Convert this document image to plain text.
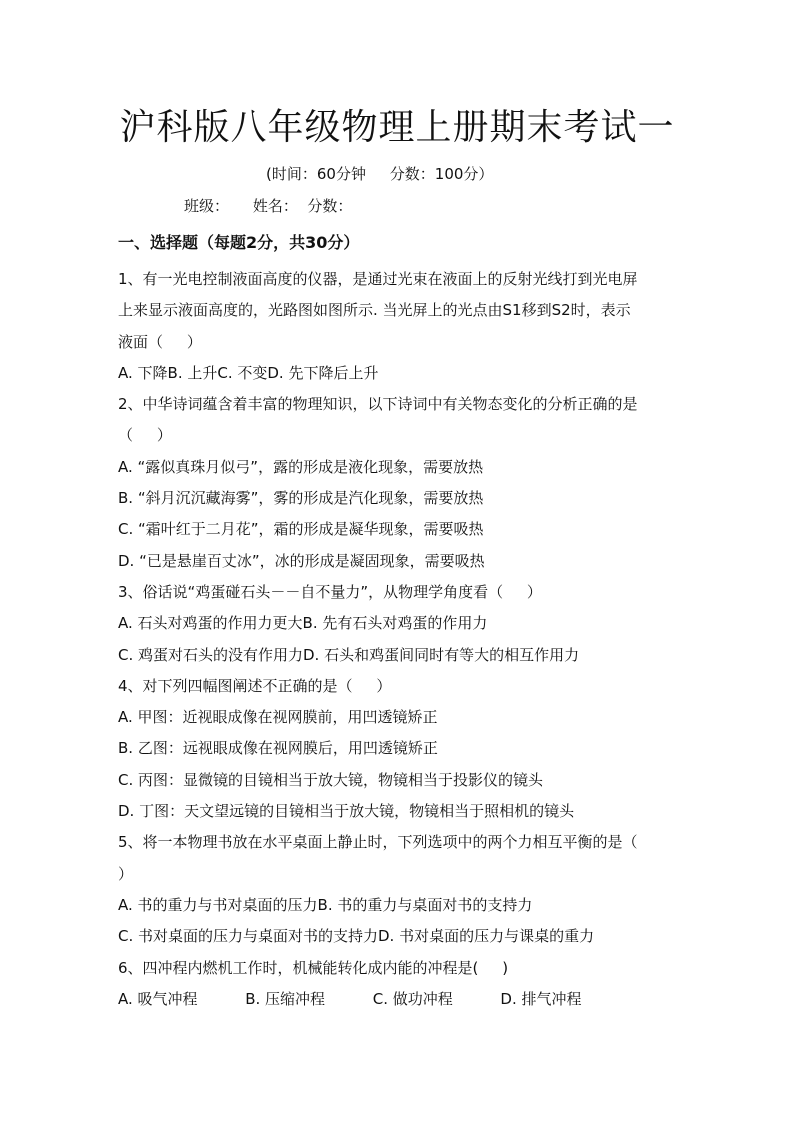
沪科版八年级物理上册期末考试一
(时间：60分钟     分数：100分）
班级：     姓名：  分数：
一、选择题（每题2分，共30分）
1、有一光电控制液面高度的仪器，是通过光束在液面上的反射光线打到光电屏
上来显示液面高度的，光路图如图所示. 当光屏上的光点由S1移到S2时，表示
液面（     ）
A. 下降B. 上升C. 不变D. 先下降后上升
2、中华诗词蕴含着丰富的物理知识，以下诗词中有关物态变化的分析正确的是
（     ）
A. “露似真珠月似弓”，露的形成是液化现象，需要放热
B. “斜月沉沉藏海雾”，雾的形成是汽化现象，需要放热
C. “霜叶红于二月花”，霜的形成是凝华现象，需要吸热
D. “已是悬崖百丈冰”，冰的形成是凝固现象，需要吸热
3、俗话说“鸡蛋碰石头－－自不量力”，从物理学角度看（     ）
A. 石头对鸡蛋的作用力更大B. 先有石头对鸡蛋的作用力
C. 鸡蛋对石头的没有作用力D. 石头和鸡蛋间同时有等大的相互作用力
4、对下列四幅图阐述不正确的是（     ）
A. 甲图：近视眼成像在视网膜前，用凹透镜矫正
B. 乙图：远视眼成像在视网膜后，用凹透镜矫正
C. 丙图：显微镜的目镜相当于放大镜，物镜相当于投影仪的镜头
D. 丁图：天文望远镜的目镜相当于放大镜，物镜相当于照相机的镜头
5、将一本物理书放在水平桌面上静止时，下列选项中的两个力相互平衡的是（
）
A. 书的重力与书对桌面的压力B. 书的重力与桌面对书的支持力
C. 书对桌面的压力与桌面对书的支持力D. 书对桌面的压力与课桌的重力
6、四冲程内燃机工作时，机械能转化成内能的冲程是(     )
A. 吸气冲程          B. 压缩冲程          C. 做功冲程          D. 排气冲程
